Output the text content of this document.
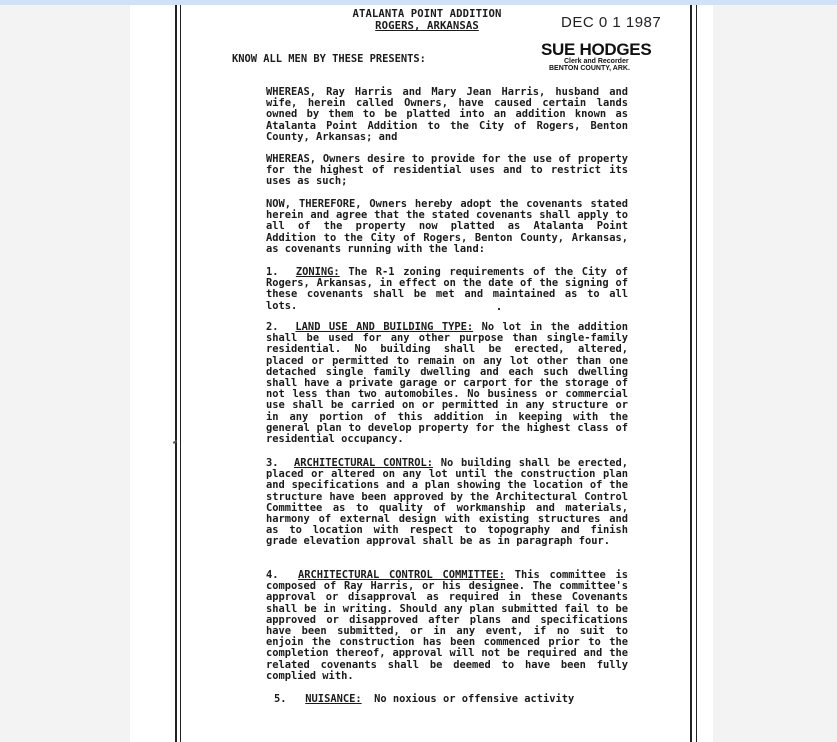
ATALANTA POINT ADDITION
ROGERS, ARKANSAS	DEC 0 1 1987
SUE HODGES
Clerk and Recorder
BENTON COUNTY, ARK.
KNOW ALL MEN BY THESE PRESENTS:
WHEREAS, Ray Harris and Mary Jean Harris, husband and wife, herein called Owners, have caused certain lands owned by them to be platted into an addition known as Atalanta Point Addition to the City of Rogers, Benton County, Arkansas; and
WHEREAS, Owners desire to provide for the use of property for the highest of residential uses and to restrict its uses as such;
NOW, THEREFORE, Owners hereby adopt the covenants stated herein and agree that the stated covenants shall apply to all of the property now platted as Atalanta Point Addition to the City of Rogers, Benton County, Arkansas, as covenants running with the land:
1. ZONING: The R-1 zoning requirements of the City of Rogers, Arkansas, in effect on the date of the signing of these covenants shall be met and maintained as to all lots.
2. LAND USE AND BUILDING TYPE: No lot in the addition shall be used for any other purpose than single-family residential. No building shall be erected, altered, placed or permitted to remain on any lot other than one detached single family dwelling and each such dwelling shall have a private garage or carport for the storage of not less than two automobiles. No business or commercial use shall be carried on or permitted in any structure or in any portion of this addition in keeping with the general plan to develop property for the highest class of residential occupancy.
3. ARCHITECTURAL CONTROL: No building shall be erected, placed or altered on any lot until the construction plan and specifications and a plan showing the location of the structure have been approved by the Architectural Control Committee as to quality of workmanship and materials, harmony of external design with existing structures and as to location with respect to topography and finish grade elevation approval shall be as in paragraph four.
4. ARCHITECTURAL CONTROL COMMITTEE: This committee is composed of Ray Harris, or his designee. The committee's approval or disapproval as required in these Covenants shall be in writing. Should any plan submitted fail to be approved or disapproved after plans and specifications have been submitted, or in any event, if no suit to enjoin the construction has been commenced prior to the completion thereof, approval will not be required and the related covenants shall be deemed to have been fully complied with.
5. NUISANCE: No noxious or offensive activity
